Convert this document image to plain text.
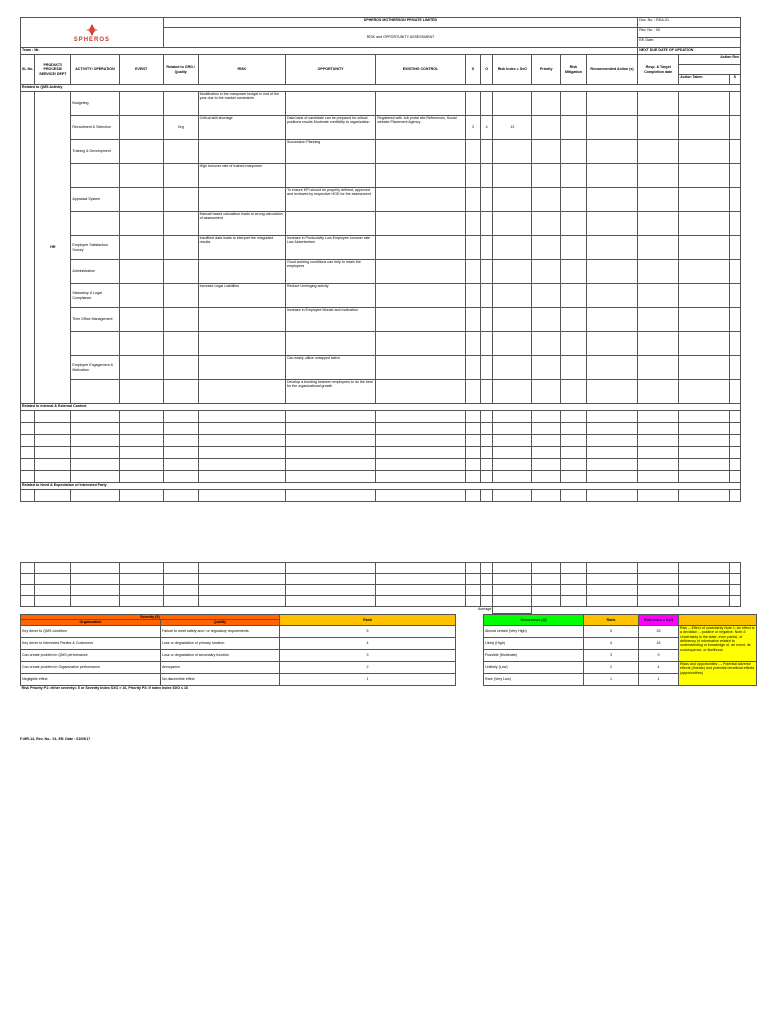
SPHEROS				SPHEROS MOTHERSON PRIVATE LIMITED										Doc. No. : RDA-01		
				RISK and OPPORTUNITY ASSESSMENT										Rev. No. : 00		
														Eff. Date:		
Team : Mr.														NEXT DUE DATE OF UPDATION		
SL No.	PRODUCT/ PROCESS/ SERVICE/ DEPT	ACTIVITY/ OPERATION	EVENT	Related to ORG./ Quality	RISK	OPPORTUNITY	EXISTING CONTROL	S	O	Risk Index = SxO	Priority	Risk Mitigation	Recommended Action (s)	Resp. & Target Completion date	Action Res	

															Action Taken	S
Related to QMS Activity																
	HR	Budgeting			Modification in the manpower budget in end of the year due to the market constraints											
		Recruitment & Selection		Org	Critical skill shortage	Data bank of candidate can be prepared for critical positions results Moderate credibility to organization	Registered with Job portal site References, Social website Placement Agency	3	4	12						
		Training & Development				Succession Planning										
					High turnover rate of trained manpower											
		Appraisal System				To ensure KPI should be properly defined, approved and reviewed by respective HOD for the assessment										
					Manual based calculation leads to wrong calculation of assessment											
		Employee Satisfaction Survey			Insuffient data leads to interpret the misguided results	Increase in Productivity Low Employee turnover rate Low Absenteeism										
		Administration				Good working conditions can help to retain the employees										
		Statuatory & Legal Compliance			Increase Legal Liabilities	Reduce Unhinging activity										
		Time Office Management				Increase in Employee Morale and motivation										

		Employee Engagement & Motivation				Can easily utilize untapped talent										
						Develop a bonding between employees to do the best for the organizational growth										
Related to Internal & External Context																

Related to Need & Expectation of Interested Party																

							Average									
Severity (S)		Rank		Occurrence (O)	Rank	Risk index = SxO	
Organization	Quality						
Key driver to QMS condition	Failure to meet safety and / or regulatory requirements	5		Almost certain (Very High)	5	25	Risk ---Effect of uncertainty Note 1: An effect is a deviation -- positive or negative. Note 2: Uncertainty is the state, even partial, of deficiency of information related to understanding or knowledge of, an event, its consequence, or likelihood.
Key driver to Interested Parties & Customers	Loss or degradation of primary function	4		Likely (High)	4	16	
Can create problem in QMS performance	Loss or degradation of secondary function	3		Possible (Moderate)	3	9	
Can create problem in Organization performance	Annoyance	2		Unlikely (Low)	2	4	Risks and opportunities --- Potential adverse effects (threats) and potential beneficial effects (opportunities)
Negligible effect	No discernible effect	1		Rare (Very Low)	1	1	
Risk Priority P1: either severity= 5 or Severity Index SXO > 16, Priority P2: if index Index SXO ≤ 16							
F-MR-14, Rev. No.- 01, Eff. Date : 01/05/17
